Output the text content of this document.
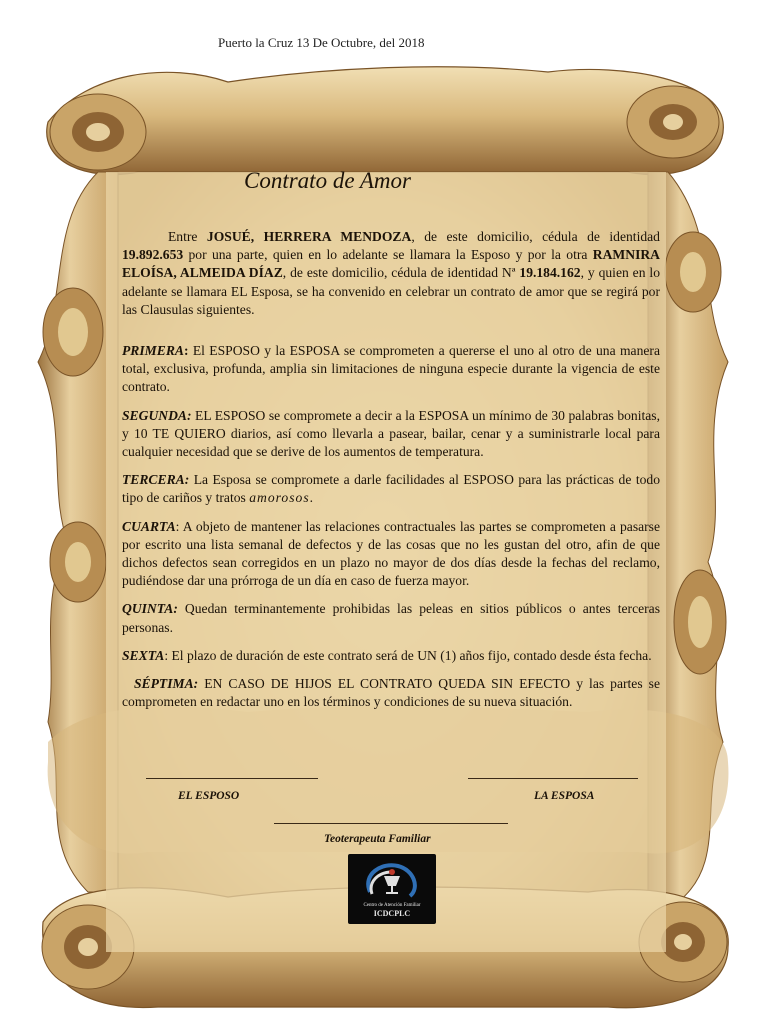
Puerto la Cruz 13 De Octubre, del 2018
Contrato de Amor
Entre JOSUÉ, HERRERA MENDOZA, de este domicilio, cédula de identidad 19.892.653 por una parte, quien en lo adelante se llamara la Esposo y por la otra RAMNIRA ELOÍSA, ALMEIDA DÍAZ, de este domicilio, cédula de identidad Nª 19.184.162, y quien en lo adelante se llamara EL Esposa, se ha convenido en celebrar un contrato de amor que se regirá por las Clausulas siguientes.

PRIMERA: El ESPOSO y la ESPOSA se comprometen a quererse el uno al otro de una manera total, exclusiva, profunda, amplia sin limitaciones de ninguna especie durante la vigencia de este contrato.

SEGUNDA: EL ESPOSO se compromete a decir a la ESPOSA un mínimo de 30 palabras bonitas, y 10 TE QUIERO diarios, así como llevarla a pasear, bailar, cenar y a suministrarle local para cualquier necesidad que se derive de los aumentos de temperatura.

TERCERA: La Esposa se compromete a darle facilidades al ESPOSO para las prácticas de todo tipo de cariños y tratos amorosos.

CUARTA: A objeto de mantener las relaciones contractuales las partes se comprometen a pasarse por escrito una lista semanal de defectos y de las cosas que no les gustan del otro, afin de que dichos defectos sean corregidos en un plazo no mayor de dos días desde la fechas del reclamo, pudiéndose dar una prórroga de un día en caso de fuerza mayor.

QUINTA: Quedan terminantemente prohibidas las peleas en sitios públicos o antes terceras personas.

SEXTA: El plazo de duración de este contrato será de UN (1) años fijo, contado desde ésta fecha.

SÉPTIMA: EN CASO DE HIJOS EL CONTRATO QUEDA SIN EFECTO y las partes se comprometen en redactar uno en los términos y condiciones de su nueva situación.

EL ESPOSO	LA ESPOSA
Teoterapeuta Familiar
Centro de Atención Familiar
ICDCPLC
